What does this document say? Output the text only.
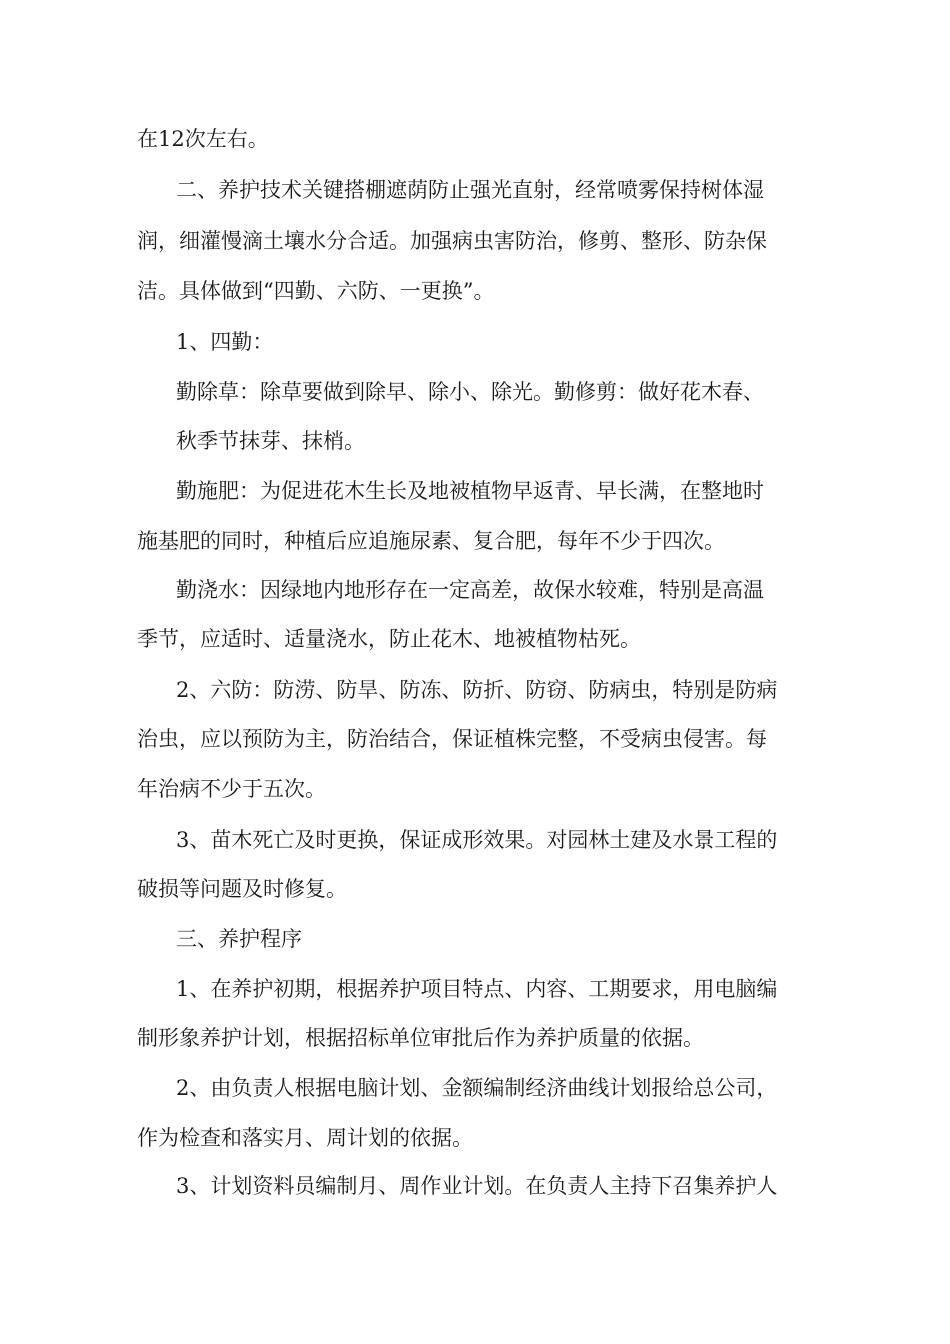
在12次左右。
二、养护技术关键搭棚遮荫防止强光直射，经常喷雾保持树体湿
润，细灌慢滴土壤水分合适。加强病虫害防治，修剪、整形、防杂保
洁。具体做到“四勤、六防、一更换”。
1、四勤：
勤除草：除草要做到除早、除小、除光。勤修剪：做好花木春、
秋季节抹芽、抹梢。
勤施肥：为促进花木生长及地被植物早返青、早长满，在整地时
施基肥的同时，种植后应追施尿素、复合肥，每年不少于四次。
勤浇水：因绿地内地形存在一定高差，故保水较难，特别是高温
季节，应适时、适量浇水，防止花木、地被植物枯死。
2、六防：防涝、防旱、防冻、防折、防窃、防病虫，特别是防病
治虫，应以预防为主，防治结合，保证植株完整，不受病虫侵害。每
年治病不少于五次。
3、苗木死亡及时更换，保证成形效果。对园林土建及水景工程的
破损等问题及时修复。
三、养护程序
1、在养护初期，根据养护项目特点、内容、工期要求，用电脑编
制形象养护计划，根据招标单位审批后作为养护质量的依据。
2、由负责人根据电脑计划、金额编制经济曲线计划报给总公司，
作为检查和落实月、周计划的依据。
3、计划资料员编制月、周作业计划。在负责人主持下召集养护人
